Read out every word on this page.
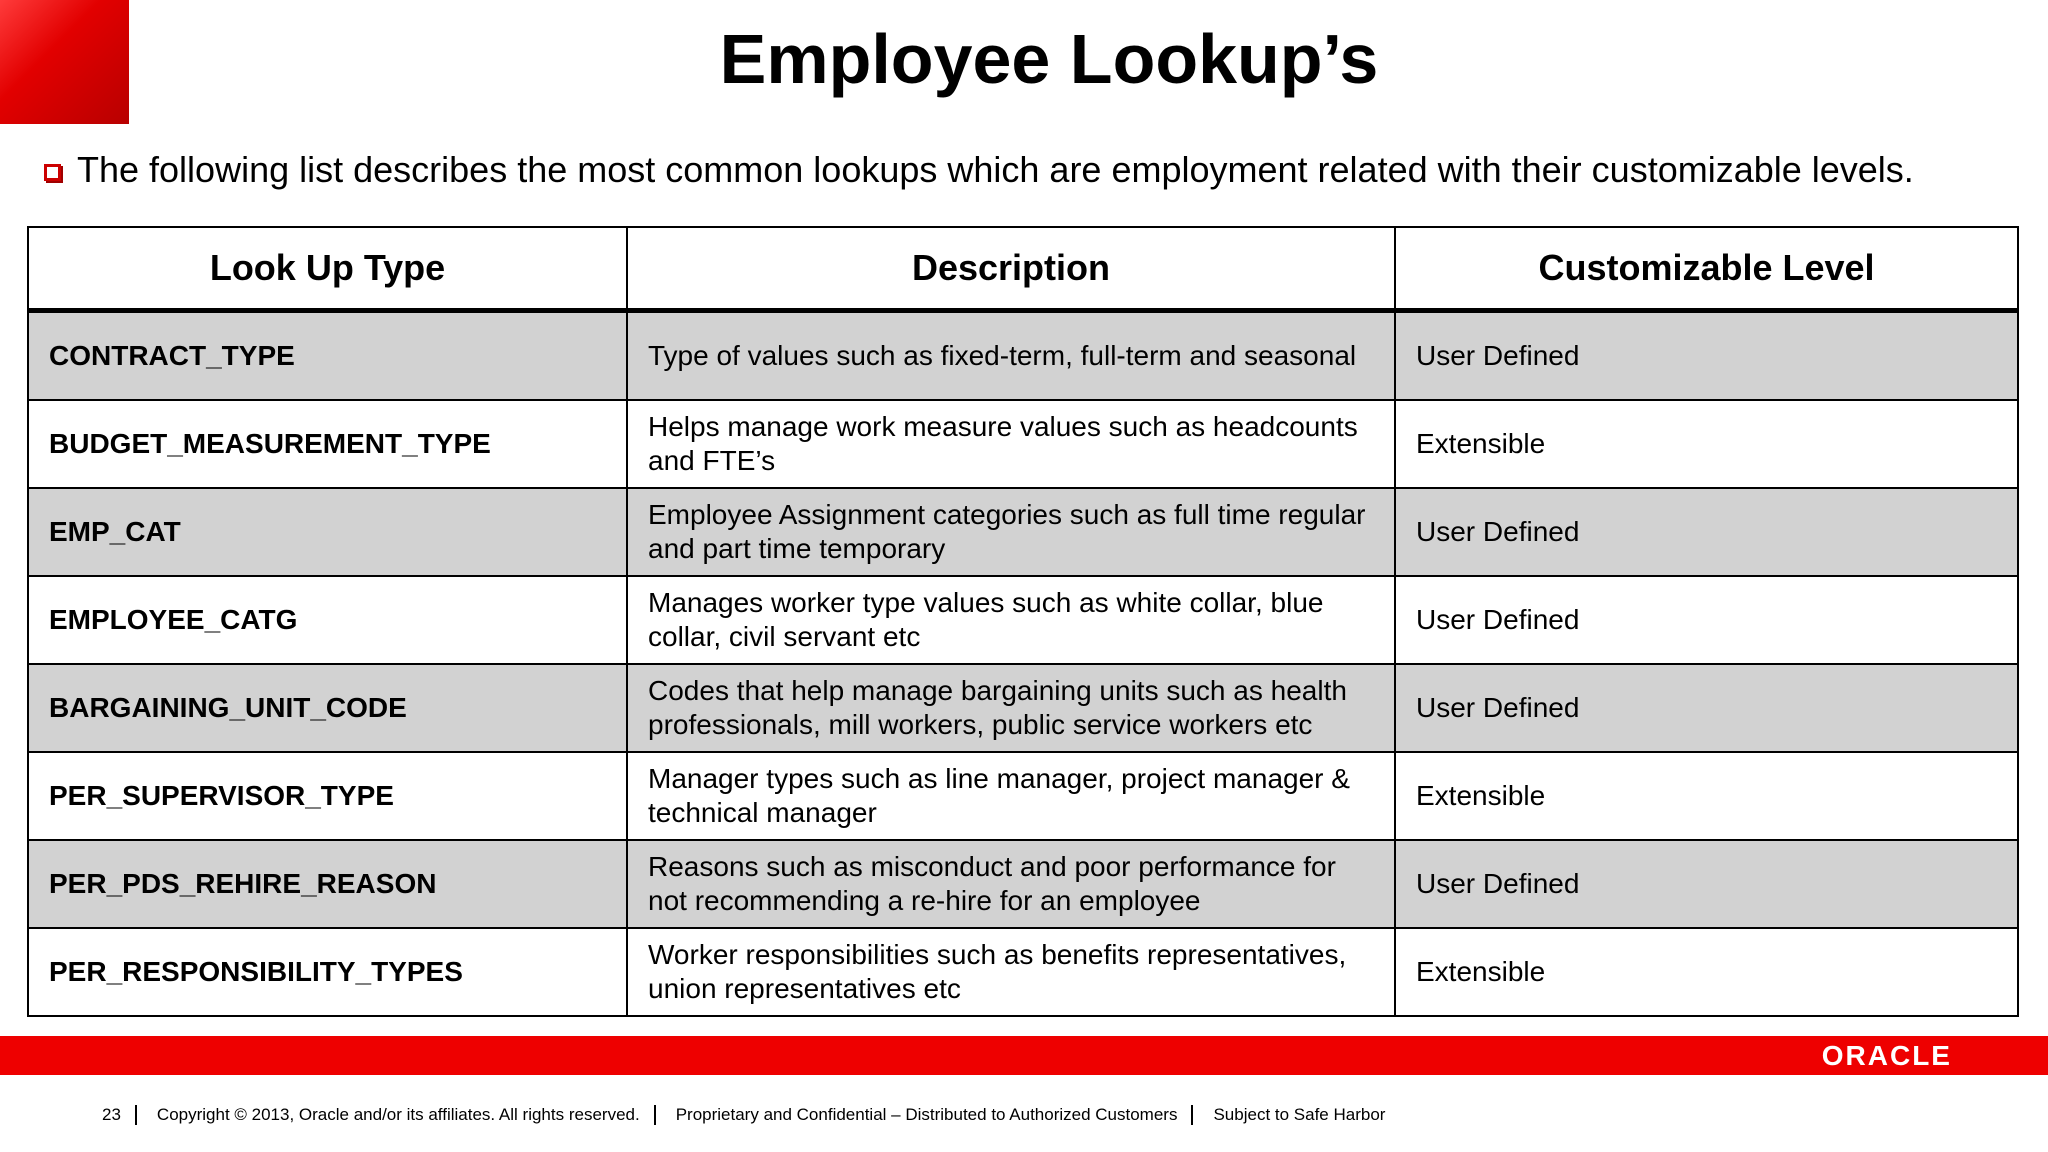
Employee Lookup’s
The following list describes the most common lookups which are employment related with their customizable levels.
Look Up Type	Description	Customizable Level
CONTRACT_TYPE	Type of values such as fixed-term, full-term and seasonal	User Defined
BUDGET_MEASUREMENT_TYPE	Helps manage work measure values such as headcounts and FTE’s	Extensible
EMP_CAT	Employee Assignment categories such as full time regular and part time temporary	User Defined
EMPLOYEE_CATG	Manages worker type values such as white collar, blue collar, civil servant etc	User Defined
BARGAINING_UNIT_CODE	Codes that help manage bargaining units such as health professionals, mill workers, public service workers etc	User Defined
PER_SUPERVISOR_TYPE	Manager types such as line manager, project manager & technical manager	Extensible
PER_PDS_REHIRE_REASON	Reasons such as misconduct and poor performance for not recommending a re-hire for an employee	User Defined
PER_RESPONSIBILITY_TYPES	Worker responsibilities such as benefits representatives, union representatives etc	Extensible
ORACLE
23 Copyright © 2013, Oracle and/or its affiliates. All rights reserved. Proprietary and Confidential – Distributed to Authorized Customers Subject to Safe Harbor
